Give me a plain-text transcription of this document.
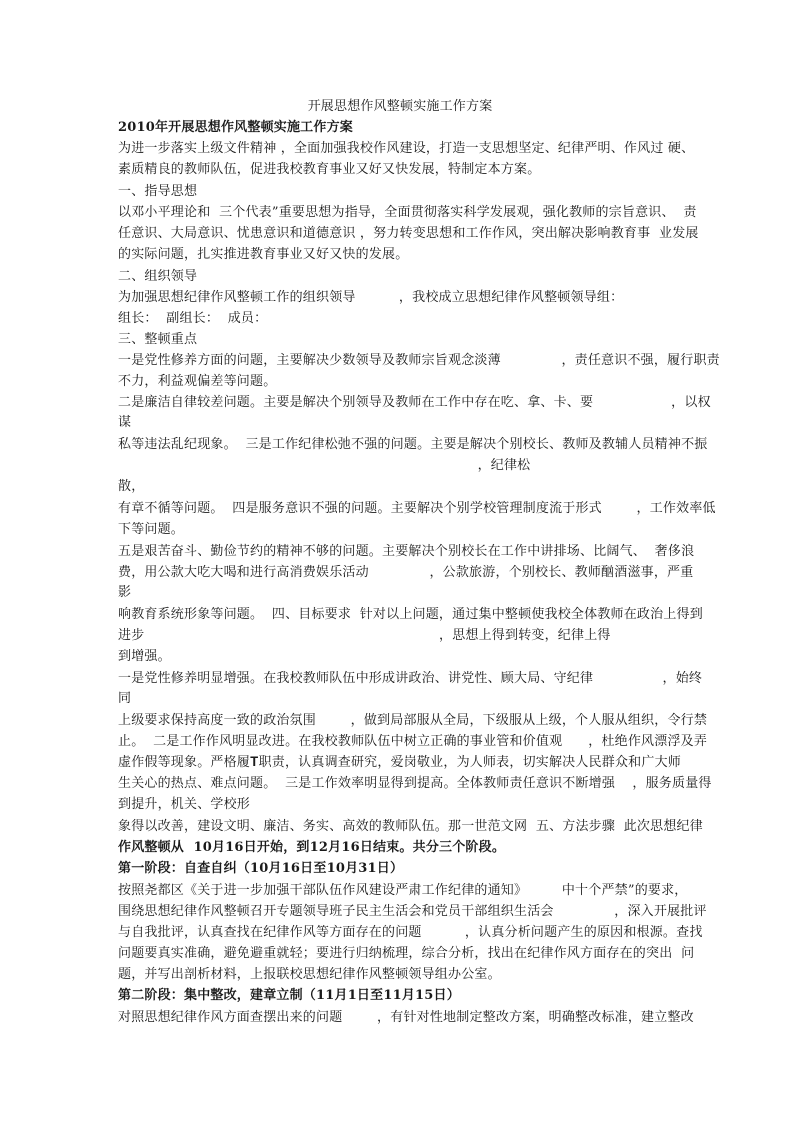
开展思想作风整顿实施工作方案
2010年开展思想作风整顿实施工作方案
为进一步落实上级文件精神 ，全面加强我校作风建设，打造一支思想坚定、纪律严明、作风过 硬、
素质精良的教师队伍，促进我校教育事业又好又快发展，特制定本方案。
一、指导思想
以邓小平理论和  三个代表”重要思想为指导，全面贯彻落实科学发展观，强化教师的宗旨意识、  责
任意识、大局意识、忧患意识和道德意识 ，努力转变思想和工作作风，突出解决影响教育事  业发展
的实际问题，扎实推进教育事业又好又快的发展。
二、组织领导
为加强思想纪律作风整顿工作的组织领导          ，我校成立思想纪律作风整顿领导组：
组长：  副组长：  成员：
三、整顿重点
一是党性修养方面的问题，主要解决少数领导及教师宗旨观念淡薄              ，责任意识不强，履行职责
不力，利益观偏差等问题。
二是廉洁自律较差问题。主要是解决个别领导及教师在工作中存在吃、拿、卡、要                  ，以权
谋
私等违法乱纪现象。  三是工作纪律松弛不强的问题。主要是解决个别校长、教师及教辅人员精神不振
，纪律松
散，
有章不循等问题。  四是服务意识不强的问题。主要解决个别学校管理制度流于形式        ，工作效率低
下等问题。
五是艰苦奋斗、勤俭节约的精神不够的问题。主要解决个别校长在工作中讲排场、比阔气、  奢侈浪
费，用公款大吃大喝和进行高消费娱乐活动              ，公款旅游，个别校长、教师酗酒滋事，严重
影
响教育系统形象等问题。  四、目标要求  针对以上问题，通过集中整顿使我校全体教师在政治上得到
进步                                                                    ，思想上得到转变，纪律上得
到增强。
一是党性修养明显增强。在我校教师队伍中形成讲政治、讲党性、顾大局、守纪律                ，始终
同
上级要求保持高度一致的政治氛围        ，做到局部服从全局，下级服从上级，个人服从组织，令行禁
止。  二是工作作风明显改进。在我校教师队伍中树立正确的事业管和价值观      ，杜绝作风漂浮及弄
虚作假等现象。严格履𝐓职责，认真调查研究，爱岗敬业，为人师表，切实解决人民群众和广大师
生关心的热点、难点问题。  三是工作效率明显得到提高。全体教师责任意识不断增强    ，服务质量得
到提升，机关、学校形
象得以改善，建设文明、廉洁、务实、高效的教师队伍。那一世范文网  五、方法步骤  此次思想纪律
作风整顿从  10月16日开始，到12月16日结束。共分三个阶段。
第一阶段：自查自纠（10月16日至10月31日）
按照尧都区《关于进一步加强干部队伍作风建设严肃工作纪律的通知》        中十个严禁”的要求，
围绕思想纪律作风整顿召开专题领导班子民主生活会和党员干部组织生活会              ，深入开展批评
与自我批评，认真查找在纪律作风等方面存在的问题          ，认真分析问题产生的原因和根源。查找
问题要真实准确，避免避重就轻；要进行归纳梳理，综合分析，找出在纪律作风方面存在的突出  问
题，并写出剖析材料，上报联校思想纪律作风整顿领导组办公室。
第二阶段：集中整改，建章立制（11月1日至11月15日）
对照思想纪律作风方面查摆出来的问题        ，有针对性地制定整改方案，明确整改标准，建立整改
